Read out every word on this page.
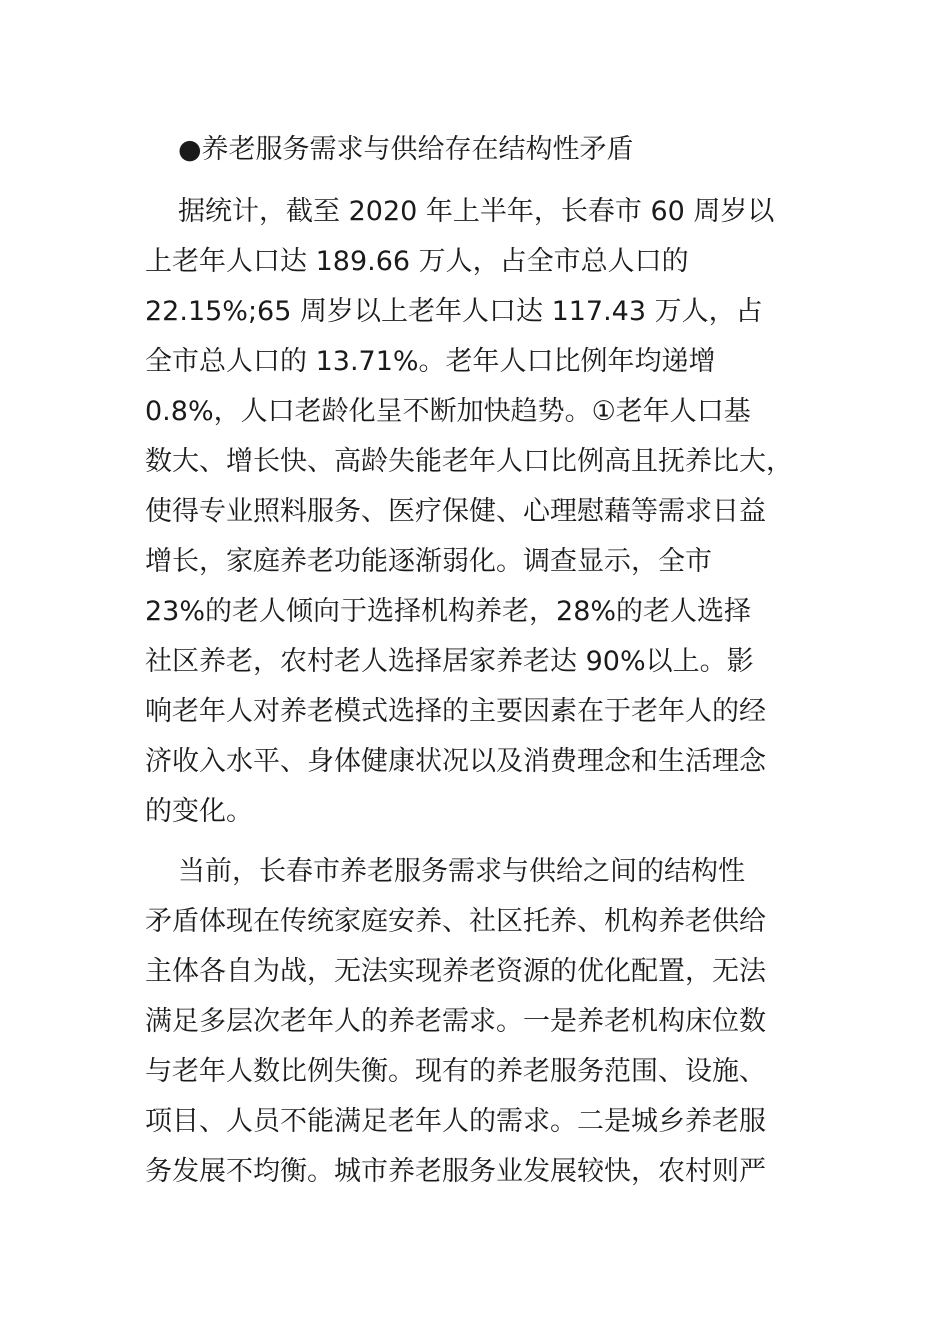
●养老服务需求与供给存在结构性矛盾
据统计，截至 2020 年上半年，长春市 60 周岁以
上老年人口达 189.66 万人，占全市总人口的
22.15%;65 周岁以上老年人口达 117.43 万人，占
全市总人口的 13.71%。老年人口比例年均递增
0.8%，人口老龄化呈不断加快趋势。①老年人口基
数大、增长快、高龄失能老年人口比例高且抚养比大，
使得专业照料服务、医疗保健、心理慰藉等需求日益
增长，家庭养老功能逐渐弱化。调查显示，全市
23%的老人倾向于选择机构养老，28%的老人选择
社区养老，农村老人选择居家养老达 90%以上。影
响老年人对养老模式选择的主要因素在于老年人的经
济收入水平、身体健康状况以及消费理念和生活理念
的变化。
当前，长春市养老服务需求与供给之间的结构性
矛盾体现在传统家庭安养、社区托养、机构养老供给
主体各自为战，无法实现养老资源的优化配置，无法
满足多层次老年人的养老需求。一是养老机构床位数
与老年人数比例失衡。现有的养老服务范围、设施、
项目、人员不能满足老年人的需求。二是城乡养老服
务发展不均衡。城市养老服务业发展较快，农村则严
